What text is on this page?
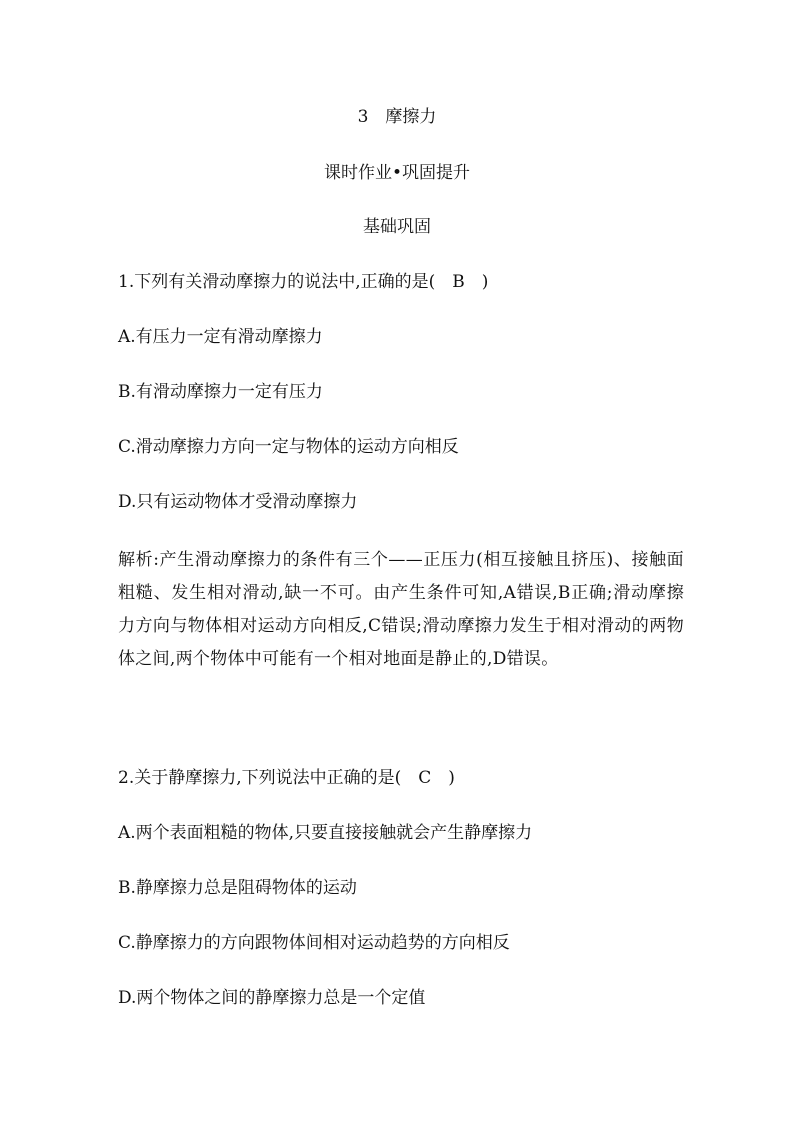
3　摩擦力
课时作业•巩固提升
基础巩固
1.下列有关滑动摩擦力的说法中,正确的是(　B　)
A.有压力一定有滑动摩擦力
B.有滑动摩擦力一定有压力
C.滑动摩擦力方向一定与物体的运动方向相反
D.只有运动物体才受滑动摩擦力

解析:产生滑动摩擦力的条件有三个——正压力(相互接触且挤压)、接触面粗糙、发生相对滑动,缺一不可。由产生条件可知,A错误,B正确;滑动摩擦力方向与物体相对运动方向相反,C错误;滑动摩擦力发生于相对滑动的两物体之间,两个物体中可能有一个相对地面是静止的,D错误。

2.关于静摩擦力,下列说法中正确的是(　C　)
A.两个表面粗糙的物体,只要直接接触就会产生静摩擦力
B.静摩擦力总是阻碍物体的运动
C.静摩擦力的方向跟物体间相对运动趋势的方向相反
D.两个物体之间的静摩擦力总是一个定值
